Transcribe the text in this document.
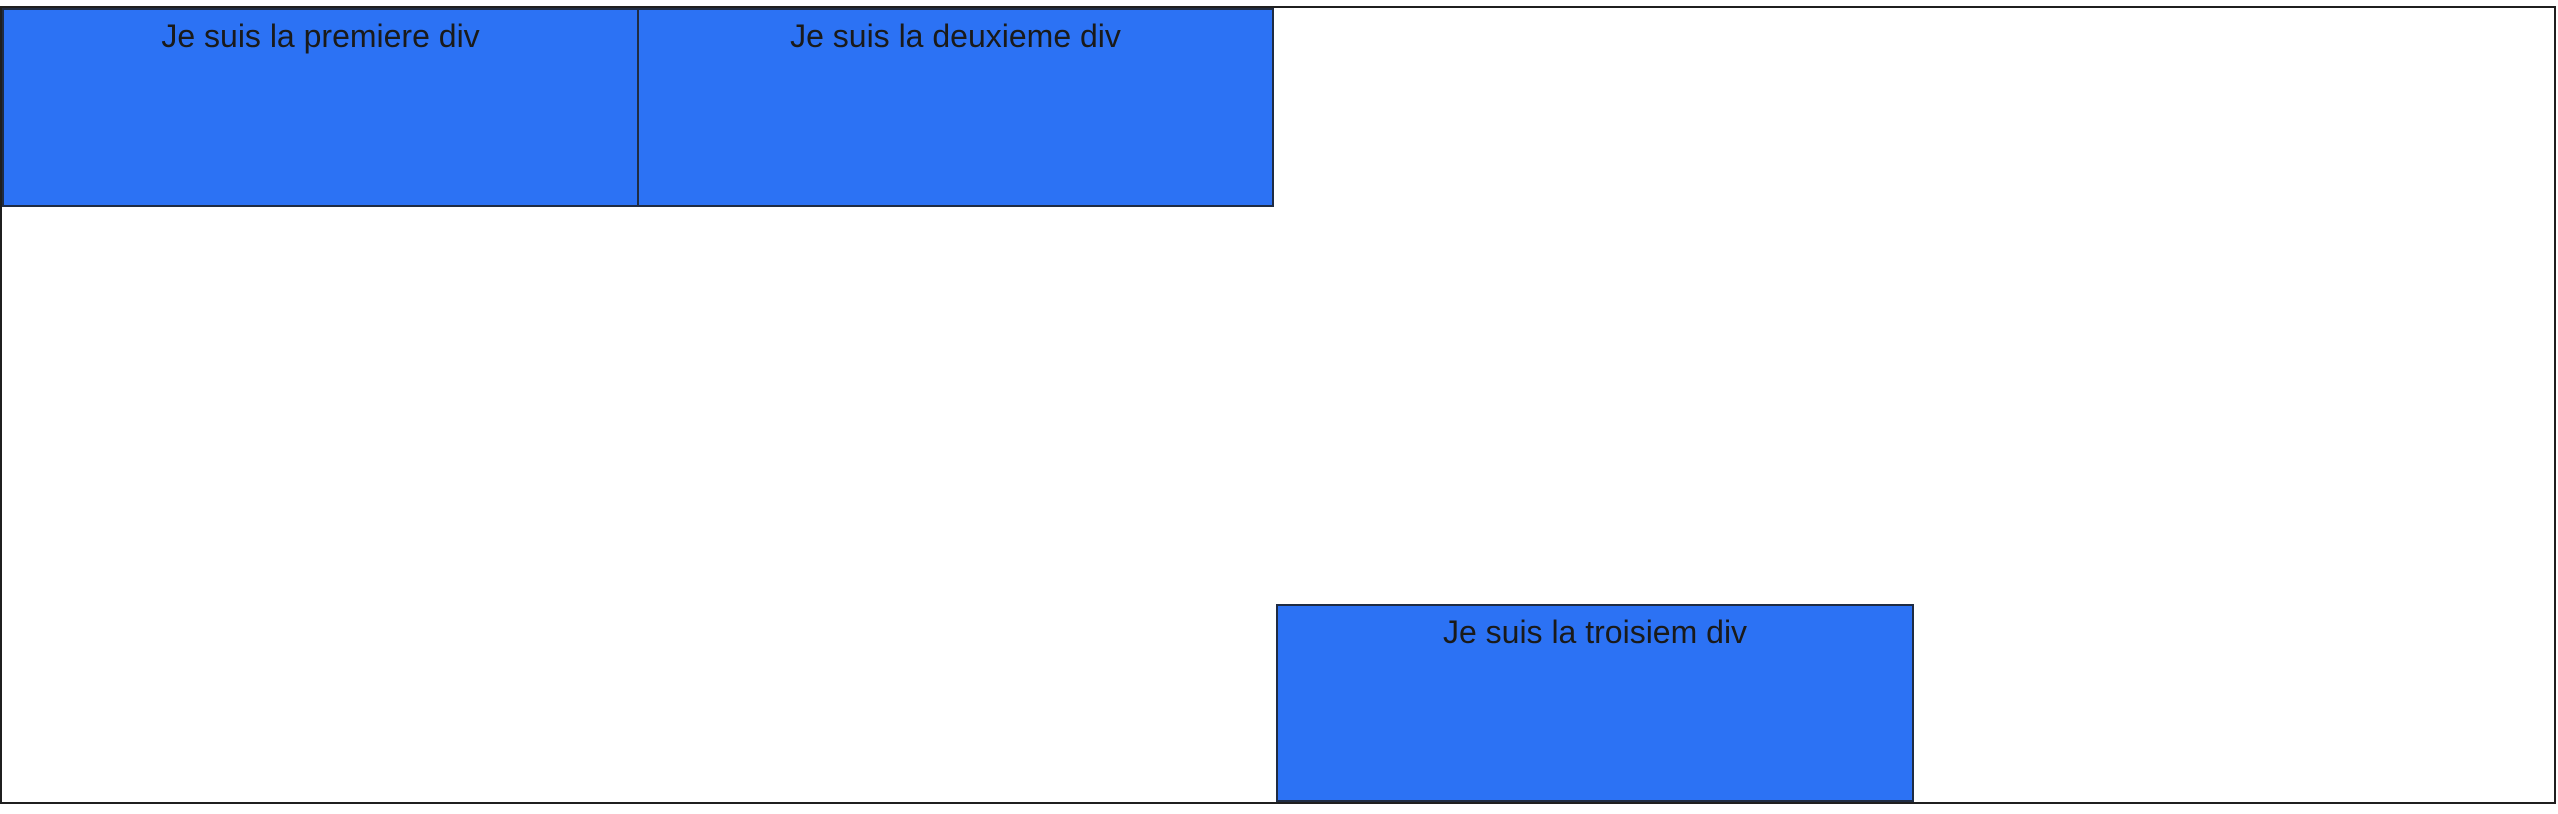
Je suis la premiere div	Je suis la deuxieme div
Je suis la troisiem div
